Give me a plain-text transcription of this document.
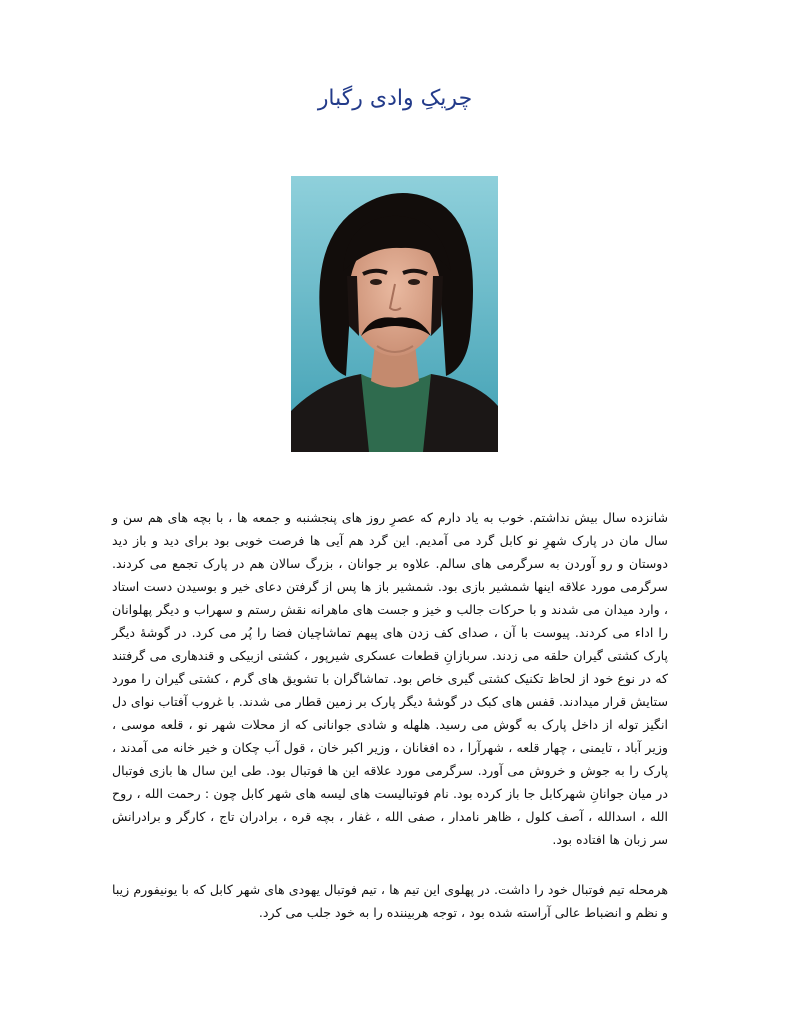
چریکِ وادی رگبار
شانزده سال بیش نداشتم. خوب به یاد دارم که عصرِ روز های پنجشنبه و جمعه ها ، با بچه های هم سن و سال مان در پارک شهرِ نو کابل گرد می آمدیم. این گرد هم آیی ها فرصت خوبی بود برای دید و باز دید دوستان و رو آوردن به سرگرمی های سالم. علاوه بر جوانان ، بزرگ سالان هم در پارک تجمع می کردند. سرگرمی مورد علاقه اینها شمشیر بازی بود. شمشیر باز ها پس از گرفتن دعای خیر و بوسیدن دست استاد ، وارد میدان می شدند و با حرکات جالب و خیز و جست های ماهرانه نقش رستم و سهراب و دیگر پهلوانان را اداء می کردند. پیوست با آن ، صدای کف زدن های پیهم تماشاچیان فضا را پُر می کرد. در گوشۀ دیگر پارک کشتی گیران حلقه می زدند. سربازانِ قطعات عسکری شیرپور ، کشتی ازبیکی و قندهاری می گرفتند که در نوع خود از لحاظ تکنیک کشتی گیری خاص بود. تماشاگران با تشویق های گرم ، کشتی گیران را مورد ستایش قرار میدادند. قفس های کبک در گوشۀ دیگر پارک بر زمین قطار می شدند. با غروب آفتاب نوای دل انگیز توله از داخل پارک به گوش می رسید. هلهله و شادی جوانانی که از محلات شهر نو ، قلعه موسی ، وزیر آباد ، تایمنی ، چهار قلعه ، شهرآرا ، ده افغانان ، وزیر اکبر خان ، قول آب چکان و خیر خانه می آمدند ، پارک را به جوش و خروش می آورد. سرگرمی مورد علاقه این ها فوتبال بود. طی این سال ها بازی فوتبال در میان جوانانِ شهرکابل جا باز کرده بود. نام فوتبالیست های لیسه های شهر کابل چون : رحمت الله ، روح الله ، اسدالله ، آصف کلول ، ظاهر نامدار ، صفی الله ، غفار ، بچه قره ، برادران تاج ، کارگر و برادرانش سر زبان ها افتاده بود.
هرمحله تیم فوتبال خود را داشت. در پهلوی این تیم ها ، تیم فوتبال یهودی های شهر کابل که با یونیفورم زیبا و نظم و انضباط عالی آراسته شده بود ، توجه هربیننده را به خود جلب می کرد.
